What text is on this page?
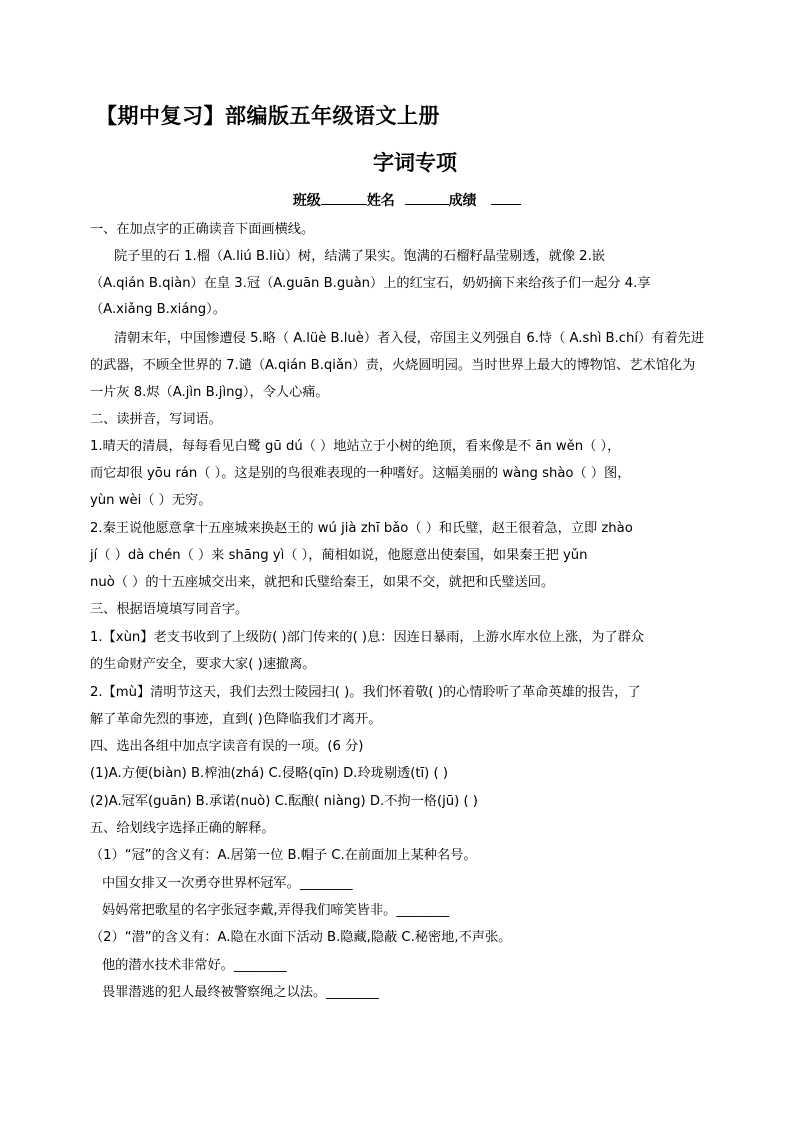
【期中复习】部编版五年级语文上册
字词专项
班级	姓名	成绩
一、在加点字的正确读音下面画横线。
院子里的石 1.榴（A.liú B.liù）树，结满了果实。饱满的石榴籽晶莹剔透，就像 2.嵌
（A.qián B.qiàn）在皇 3.冠（A.guān B.guàn）上的红宝石，奶奶摘下来给孩子们一起分 4.享
（A.xiǎng B.xiáng）。
清朝末年，中国惨遭侵 5.略（ A.lüè B.luè）者入侵，帝国主义列强自 6.恃（ A.shì B.chí）有着先进
的武器，不顾全世界的 7.谴（A.qián B.qiǎn）责，火烧圆明园。当时世界上最大的博物馆、艺术馆化为
一片灰 8.烬（A.jìn B.jìng），令人心痛。
二、读拼音，写词语。
1.晴天的清晨，每每看见白鹭 gū dú（ ）地站立于小树的绝顶，看来像是不 ān wěn（ ），
而它却很 yōu rán（ ）。这是别的鸟很难表现的一种嗜好。这幅美丽的 wàng shào（ ）图，
yùn wèi（ ）无穷。
2.秦王说他愿意拿十五座城来换赵王的 wú jià zhī bǎo（ ）和氏璧，赵王很着急，立即 zhào
jí（ ）dà chén（ ）来 shāng yì（ ），蔺相如说，他愿意出使秦国，如果秦王把 yǔn
nuò（ ）的十五座城交出来，就把和氏璧给秦王，如果不交，就把和氏璧送回。
三、根据语境填写同音字。
1.【xùn】老支书收到了上级防( )部门传来的( )息：因连日暴雨，上游水库水位上涨，为了群众
的生命财产安全，要求大家( )速撤离。
2.【mù】清明节这天，我们去烈士陵园扫( )。我们怀着敬( )的心情聆听了革命英雄的报告，了
解了革命先烈的事迹，直到( )色降临我们才离开。
四、选出各组中加点字读音有误的一项。(6 分)
(1)A.方便(biàn) B.榨油(zhá) C.侵略(qīn) D.玲珑剔透(tī) ( )
(2)A.冠军(guān) B.承诺(nuò) C.酝酿( niàng) D.不拘一格(jū) ( )
五、给划线字选择正确的解释。
（1）“冠”的含义有：A.居第一位 B.帽子 C.在前面加上某种名号。
中国女排又一次勇夺世界杯冠军。________
妈妈常把歌星的名字张冠李戴,弄得我们啼笑皆非。________
（2）“潜”的含义有：A.隐在水面下活动 B.隐藏,隐蔽 C.秘密地,不声张。
他的潜水技术非常好。________
畏罪潜逃的犯人最终被警察绳之以法。________
